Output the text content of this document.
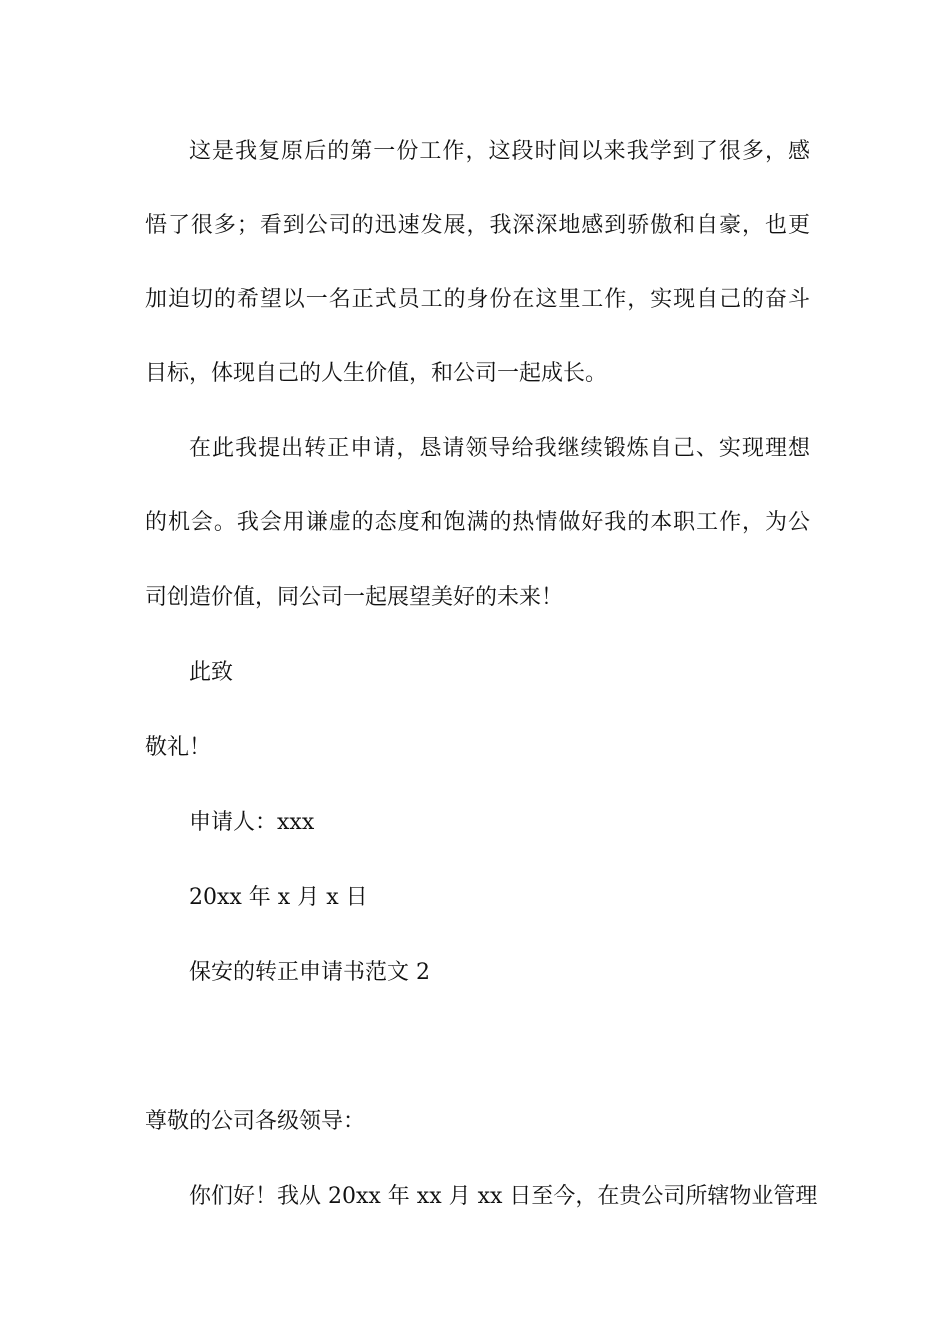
这是我复原后的第一份工作，这段时间以来我学到了很多，感

悟了很多；看到公司的迅速发展，我深深地感到骄傲和自豪，也更

加迫切的希望以一名正式员工的身份在这里工作，实现自己的奋斗

目标，体现自己的人生价值，和公司一起成长。

在此我提出转正申请，恳请领导给我继续锻炼自己、实现理想

的机会。我会用谦虚的态度和饱满的热情做好我的本职工作，为公

司创造价值，同公司一起展望美好的未来！

此致

敬礼！

申请人：xxx

20xx 年 x 月 x 日

保安的转正申请书范文 2

尊敬的公司各级领导：

你们好！我从 20xx 年 xx 月 xx 日至今，在贵公司所辖物业管理
